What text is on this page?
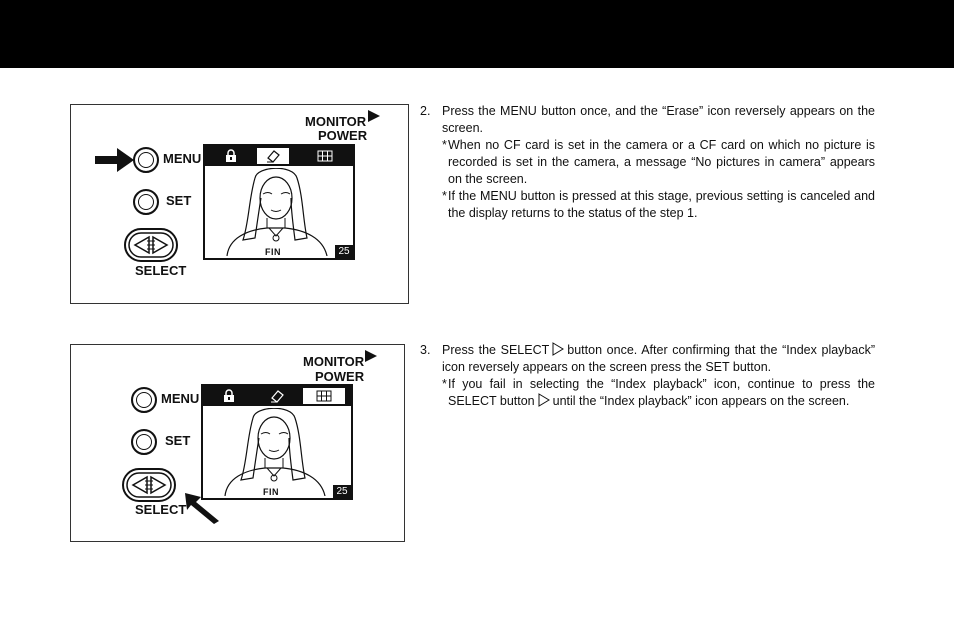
MONITOR
POWER
MENU
SET
SELECT
FIN	25
MONITOR
POWER
MENU
SET
SELECT
FIN	25
2. Press the MENU button once, and the “Erase” icon reversely appears on the screen.
* When no CF card is set in the camera or a CF card on which no picture is recorded is set in the camera, a message “No pictures in camera” appears on the screen.
* If the MENU button is pressed at this stage, previous setting is canceled and the display returns to the status of the step 1.
3. Press the SELECT button once. After confirming that the “Index playback” icon reversely appears on the screen press the SET button.
* If you fail in selecting the “Index playback” icon, continue to press the SELECT button until the “Index playback” icon appears on the screen.
